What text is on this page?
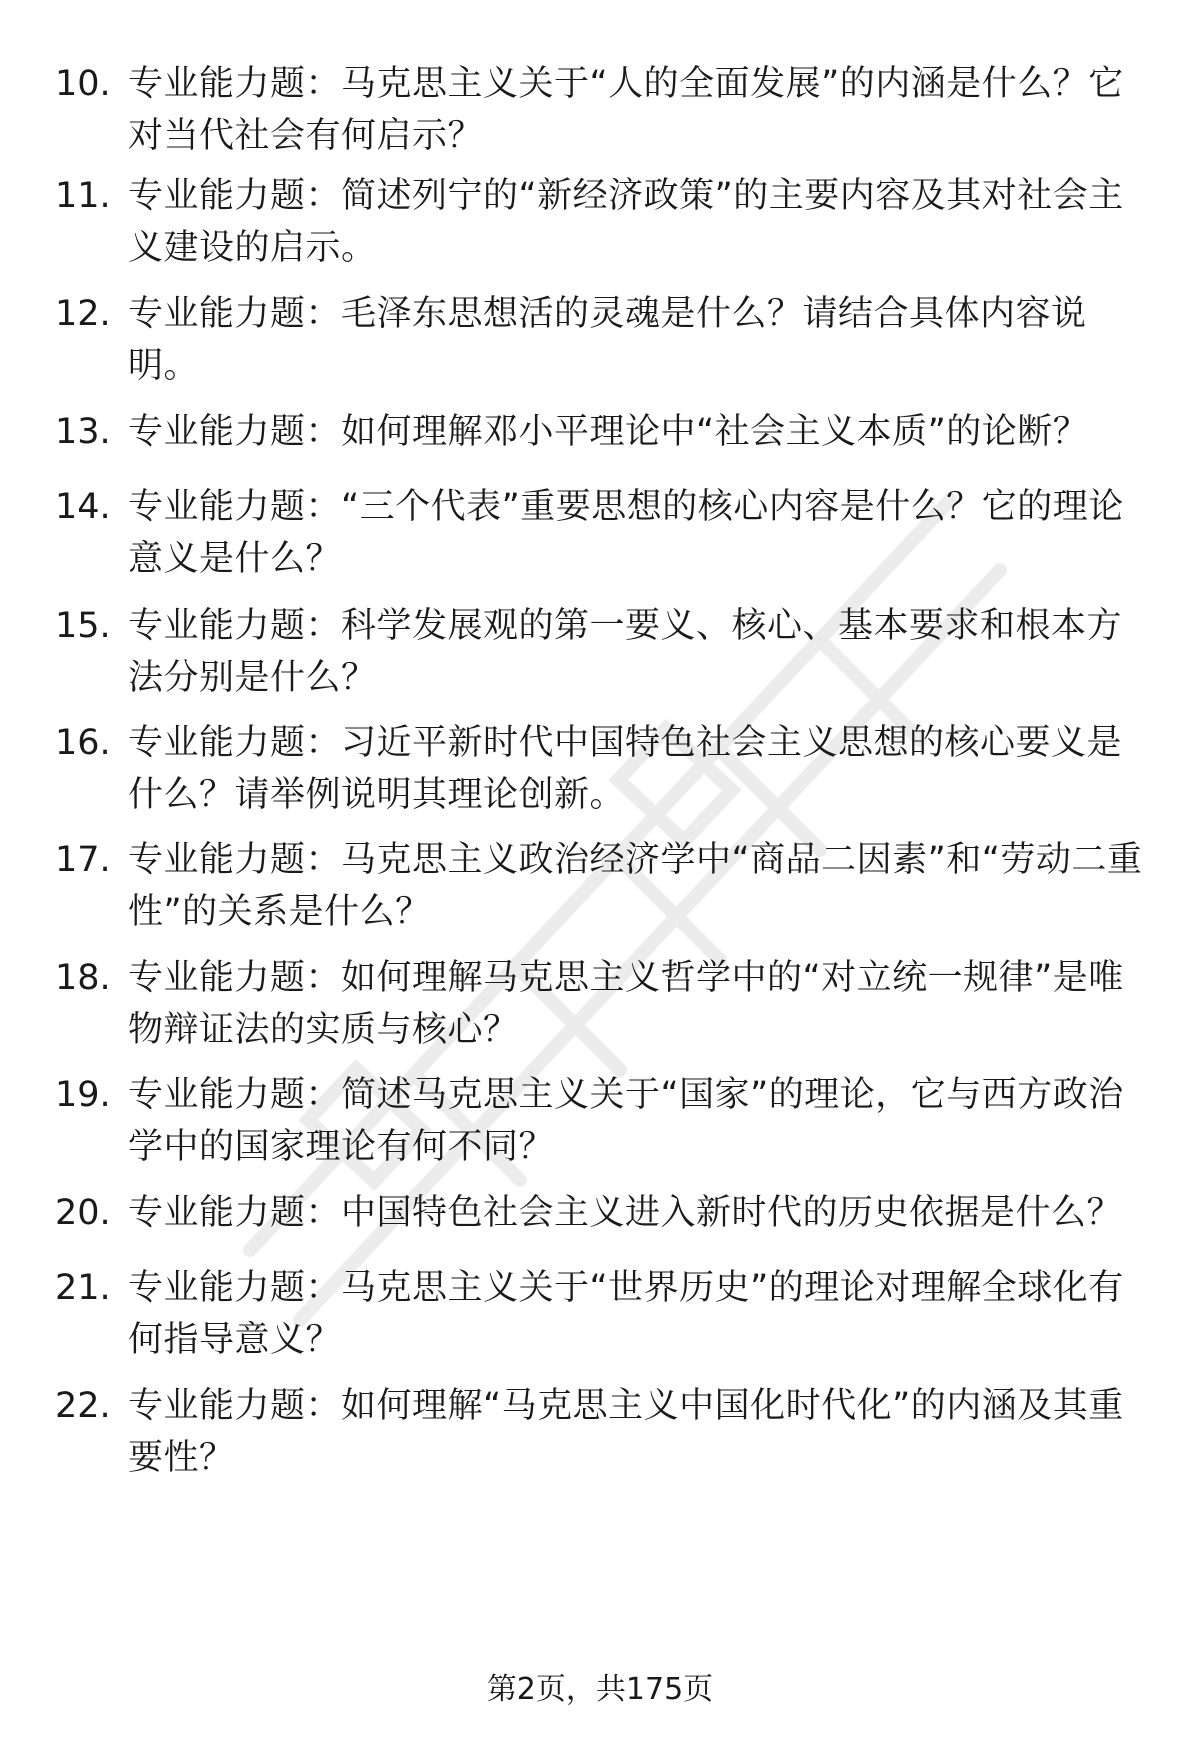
10. 专业能力题：马克思主义关于“人的全面发展”的内涵是什么？它对当代社会有何启示？
11. 专业能力题：简述列宁的“新经济政策”的主要内容及其对社会主义建设的启示。
12. 专业能力题：毛泽东思想活的灵魂是什么？请结合具体内容说明。
13. 专业能力题：如何理解邓小平理论中“社会主义本质”的论断？
14. 专业能力题：“三个代表”重要思想的核心内容是什么？它的理论意义是什么？
15. 专业能力题：科学发展观的第一要义、核心、基本要求和根本方法分别是什么？
16. 专业能力题：习近平新时代中国特色社会主义思想的核心要义是什么？请举例说明其理论创新。
17. 专业能力题：马克思主义政治经济学中“商品二因素”和“劳动二重性”的关系是什么？
18. 专业能力题：如何理解马克思主义哲学中的“对立统一规律”是唯物辩证法的实质与核心？
19. 专业能力题：简述马克思主义关于“国家”的理论，它与西方政治学中的国家理论有何不同？
20. 专业能力题：中国特色社会主义进入新时代的历史依据是什么？
21. 专业能力题：马克思主义关于“世界历史”的理论对理解全球化有何指导意义？
22. 专业能力题：如何理解“马克思主义中国化时代化”的内涵及其重要性？
第2页，共175页
